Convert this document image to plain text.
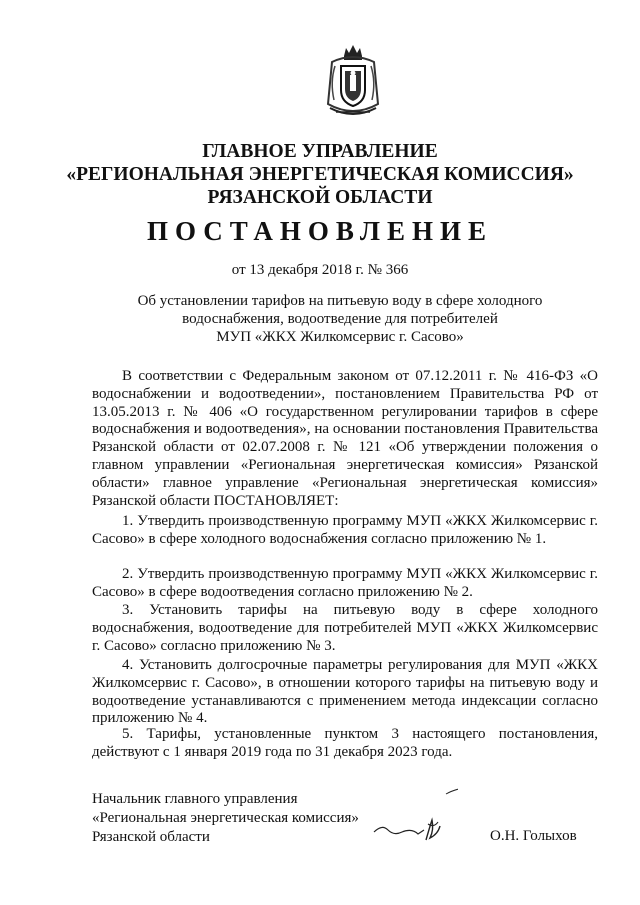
ГЛАВНОЕ УПРАВЛЕНИЕ
«РЕГИОНАЛЬНАЯ ЭНЕРГЕТИЧЕСКАЯ КОМИССИЯ»
РЯЗАНСКОЙ ОБЛАСТИ
ПОСТАНОВЛЕНИЕ
от 13 декабря 2018 г. № 366
Об установлении тарифов на питьевую воду в сфере холодного
водоснабжения, водоотведение для потребителей
МУП «ЖКХ Жилкомсервис г. Сасово»
В соответствии с Федеральным законом от 07.12.2011 г. № 416-ФЗ «О водоснабжении и водоотведении», постановлением Правительства РФ от 13.05.2013 г. № 406 «О государственном регулировании тарифов в сфере водоснабжения и водоотведения», на основании постановления Правительства Рязанской области от 02.07.2008 г. № 121 «Об утверждении положения о главном управлении «Региональная энергетическая комиссия» Рязанской области» главное управление «Региональная энергетическая комиссия» Рязанской области ПОСТАНОВЛЯЕТ:
1. Утвердить производственную программу МУП «ЖКХ Жилкомсервис г. Сасово» в сфере холодного водоснабжения согласно приложению № 1.
2. Утвердить производственную программу МУП «ЖКХ Жилкомсервис г. Сасово» в сфере водоотведения согласно приложению № 2.
3. Установить тарифы на питьевую воду в сфере холодного водоснабжения, водоотведение для потребителей МУП «ЖКХ Жилкомсервис г. Сасово» согласно приложению № 3.
4. Установить долгосрочные параметры регулирования для МУП «ЖКХ Жилкомсервис г. Сасово», в отношении которого тарифы на питьевую воду и водоотведение устанавливаются с применением метода индексации согласно приложению № 4.
5. Тарифы, установленные пунктом 3 настоящего постановления, действуют с 1 января 2019 года по 31 декабря 2023 года.
Начальник главного управления
«Региональная энергетическая комиссия»
Рязанской области	О.Н. Голыхов
